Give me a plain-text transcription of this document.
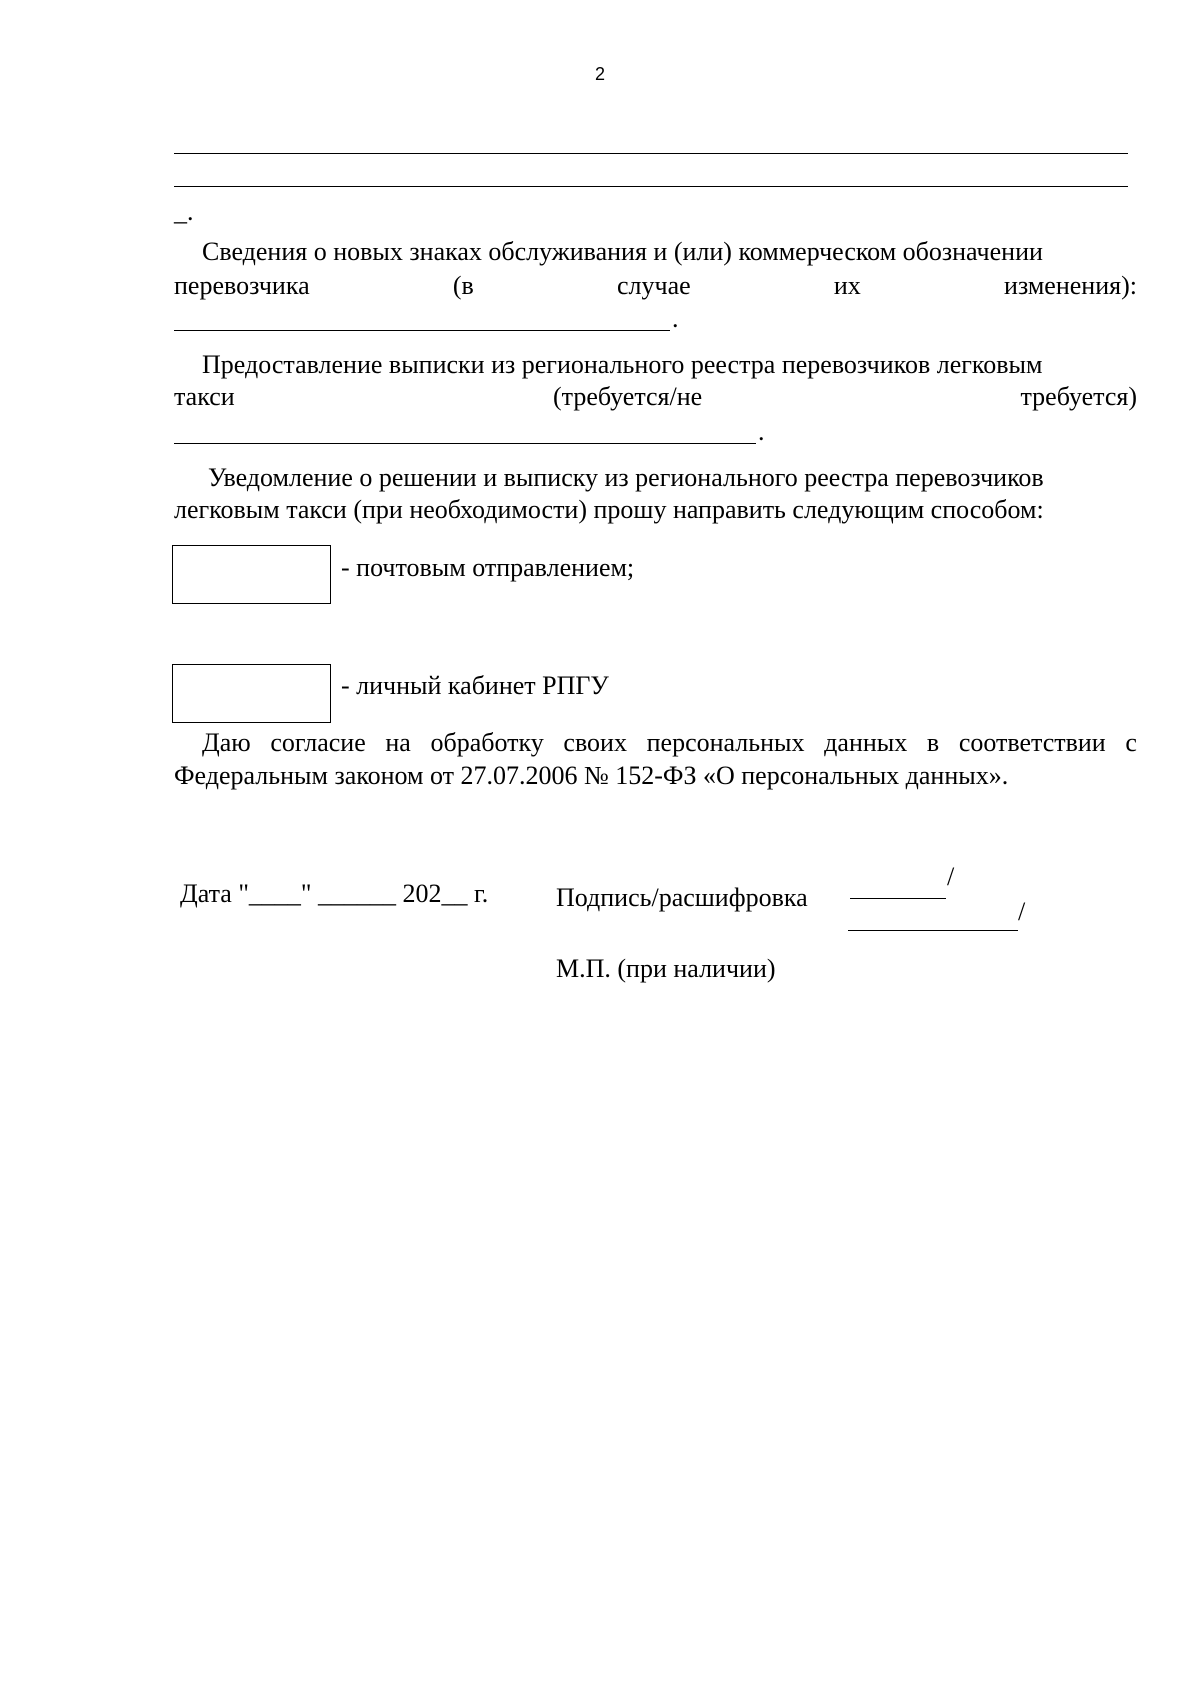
2
_.
Сведения о новых знаках обслуживания и (или) коммерческом обозначении
перевозчика	(в	случае	их	изменения):
.
Предоставление выписки из регионального реестра перевозчиков легковым
такси	(требуется/не	требуется)
.
Уведомление о решении и выписку из регионального реестра перевозчиков
легковым такси (при необходимости) прошу направить следующим способом:
- почтовым отправлением;
- личный кабинет РПГУ
Даю согласие на обработку своих персональных данных в соответствии с
Федеральным законом от 27.07.2006 № 152-ФЗ «О персональных данных».
Дата "____" ______ 202__ г.	Подпись/расшифровка
/
/
М.П. (при наличии)
